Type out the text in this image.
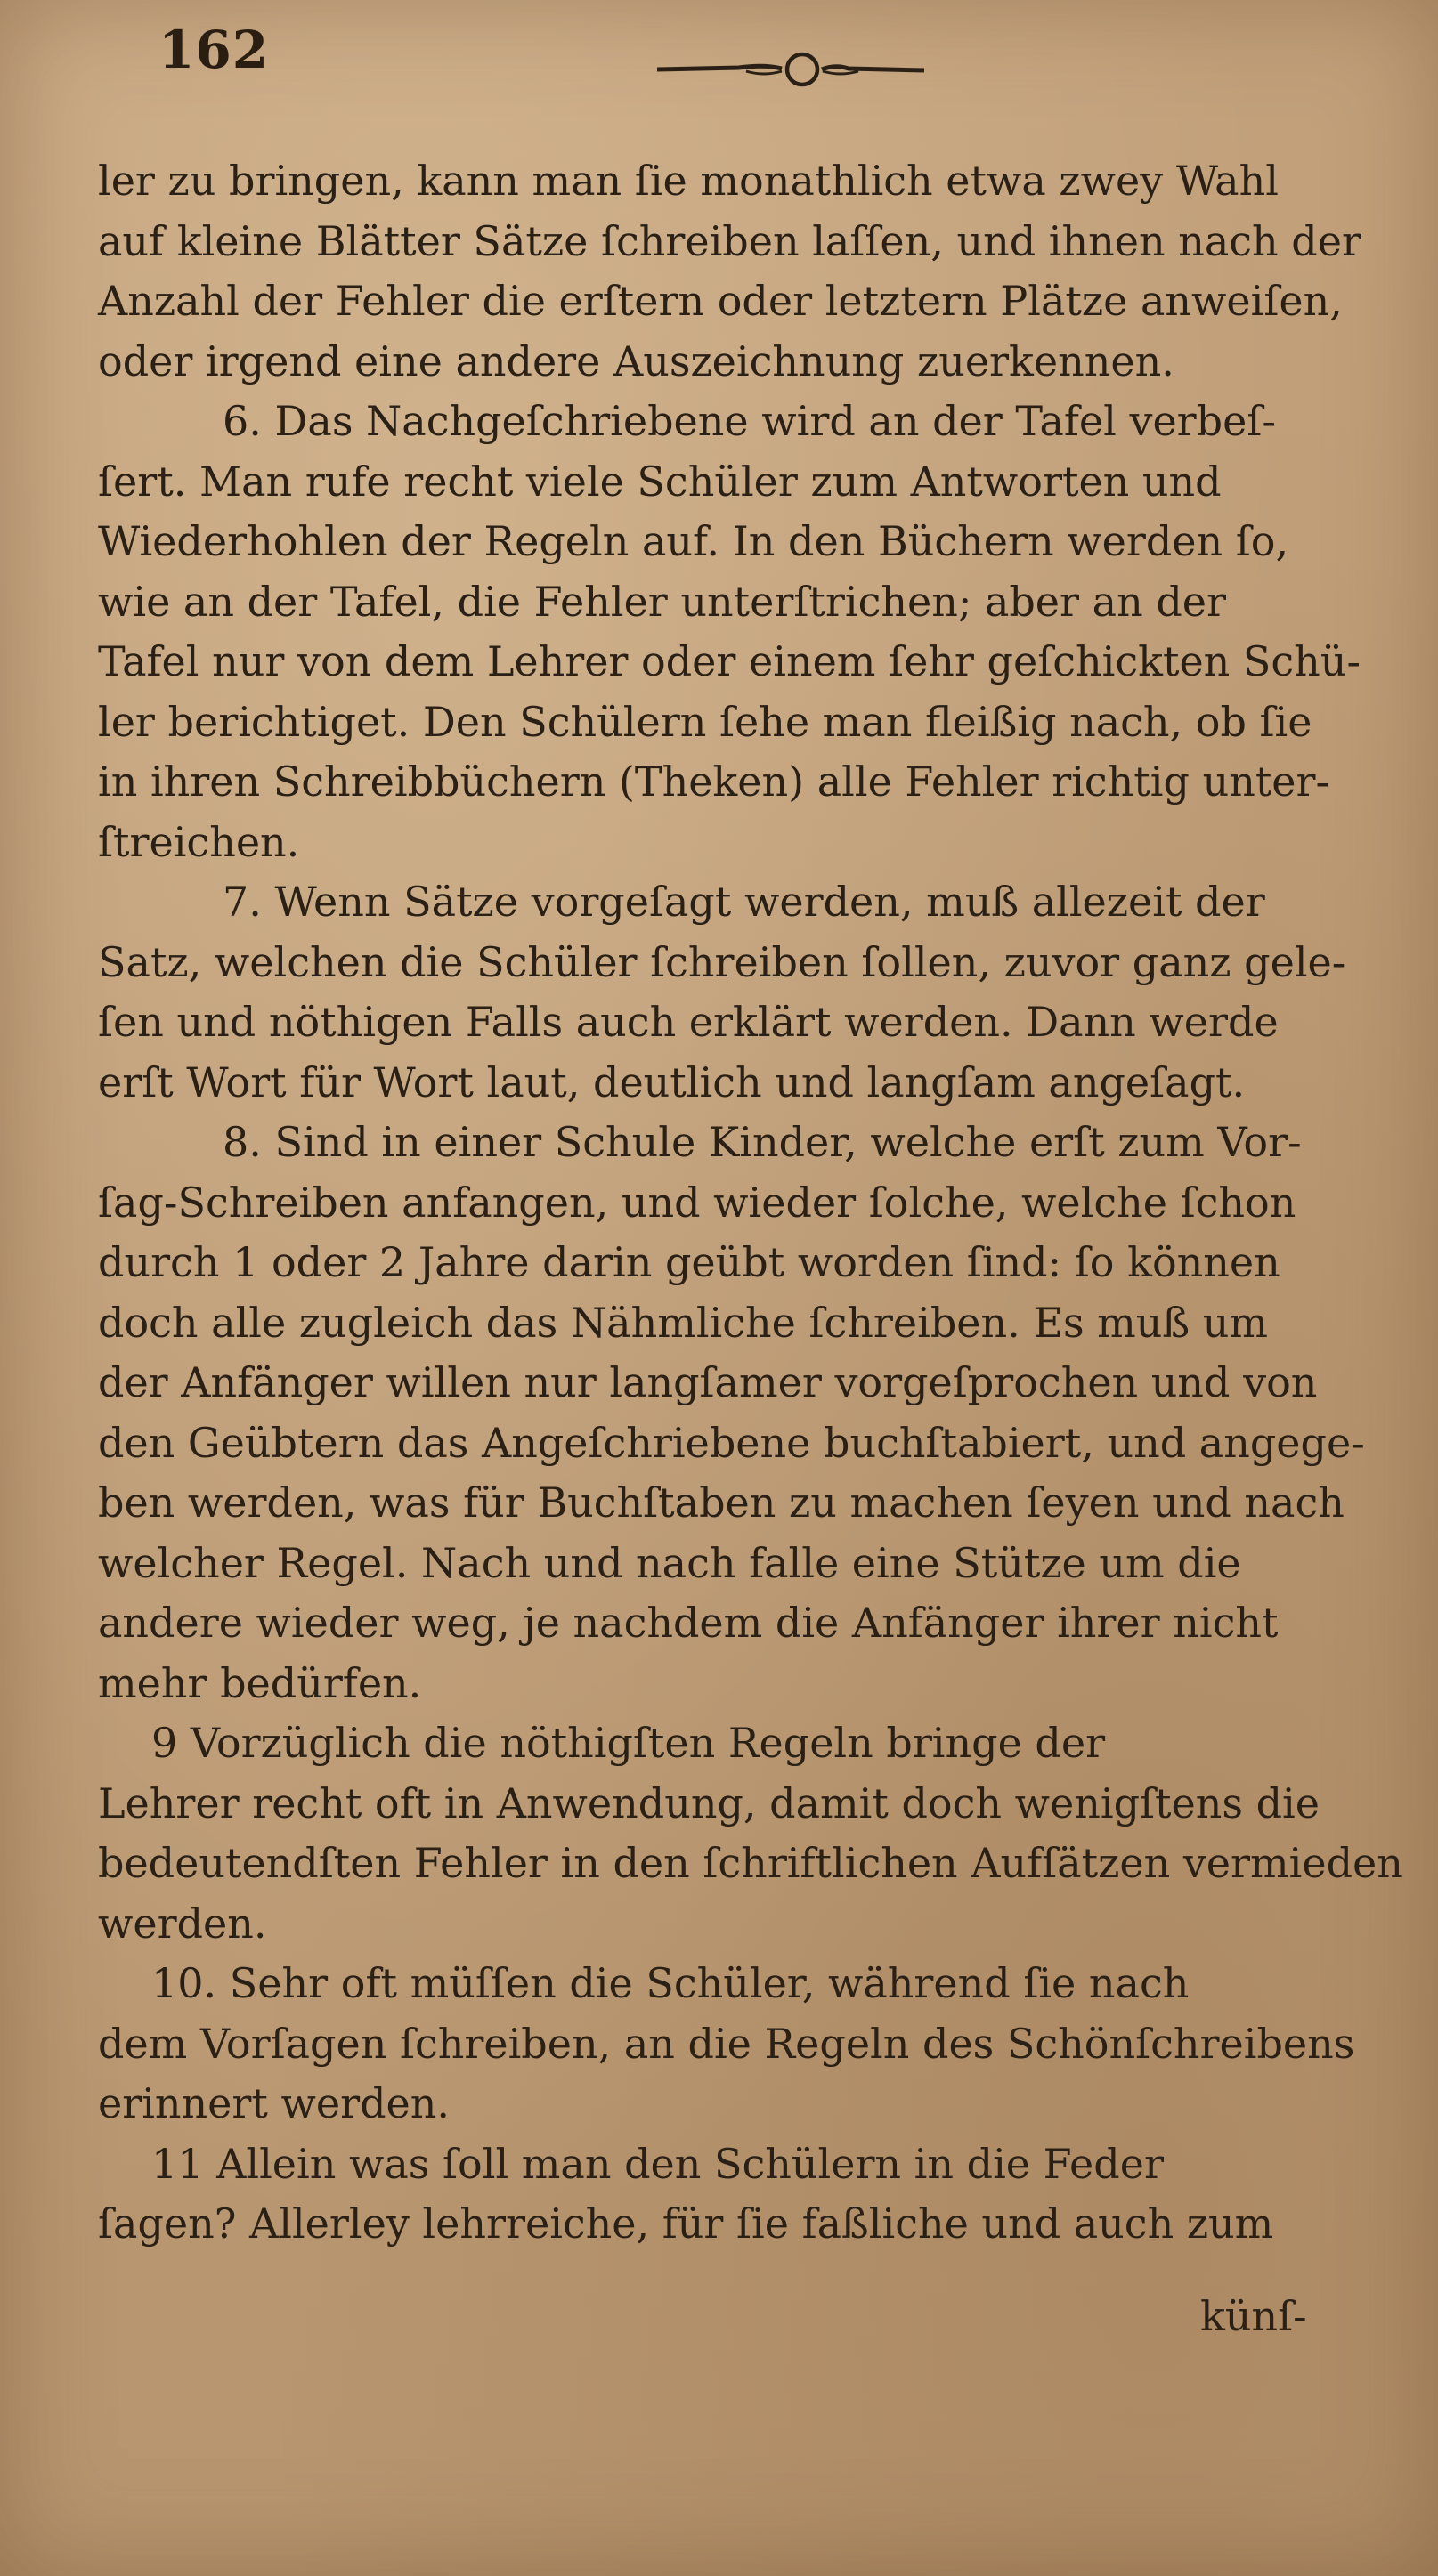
162
ler zu bringen, kann man ſie monathlich etwa zwey Wahl
auf kleine Blätter Sätze ſchreiben laſſen, und ihnen nach der
Anzahl der Fehler die erſtern oder letztern Plätze anweiſen,
oder irgend eine andere Auszeichnung zuerkennen.
6. Das Nachgeſchriebene wird an der Tafel verbeſ-
ſert. Man rufe recht viele Schüler zum Antworten und
Wiederhohlen der Regeln auf. In den Büchern werden ſo,
wie an der Tafel, die Fehler unterſtrichen; aber an der
Tafel nur von dem Lehrer oder einem ſehr geſchickten Schü-
ler berichtiget. Den Schülern ſehe man fleißig nach, ob ſie
in ihren Schreibbüchern (Theken) alle Fehler richtig unter-
ſtreichen.
7. Wenn Sätze vorgeſagt werden, muß allezeit der
Satz, welchen die Schüler ſchreiben ſollen, zuvor ganz gele-
ſen und nöthigen Falls auch erklärt werden. Dann werde
erſt Wort für Wort laut, deutlich und langſam angeſagt.
8. Sind in einer Schule Kinder, welche erſt zum Vor-
ſag-Schreiben anfangen, und wieder ſolche, welche ſchon
durch 1 oder 2 Jahre darin geübt worden ſind: ſo können
doch alle zugleich das Nähmliche ſchreiben. Es muß um
der Anfänger willen nur langſamer vorgeſprochen und von
den Geübtern das Angeſchriebene buchſtabiert, und angege-
ben werden, was für Buchſtaben zu machen ſeyen und nach
welcher Regel. Nach und nach falle eine Stütze um die
andere wieder weg, je nachdem die Anfänger ihrer nicht
mehr bedürfen.
9 Vorzüglich die nöthigſten Regeln bringe der
Lehrer recht oft in Anwendung, damit doch wenigſtens die
bedeutendſten Fehler in den ſchriftlichen Aufſätzen vermieden
werden.
10. Sehr oft müſſen die Schüler, während ſie nach
dem Vorſagen ſchreiben, an die Regeln des Schönſchreibens
erinnert werden.
11 Allein was ſoll man den Schülern in die Feder
ſagen? Allerley lehrreiche, für ſie faßliche und auch zum
künſ-
